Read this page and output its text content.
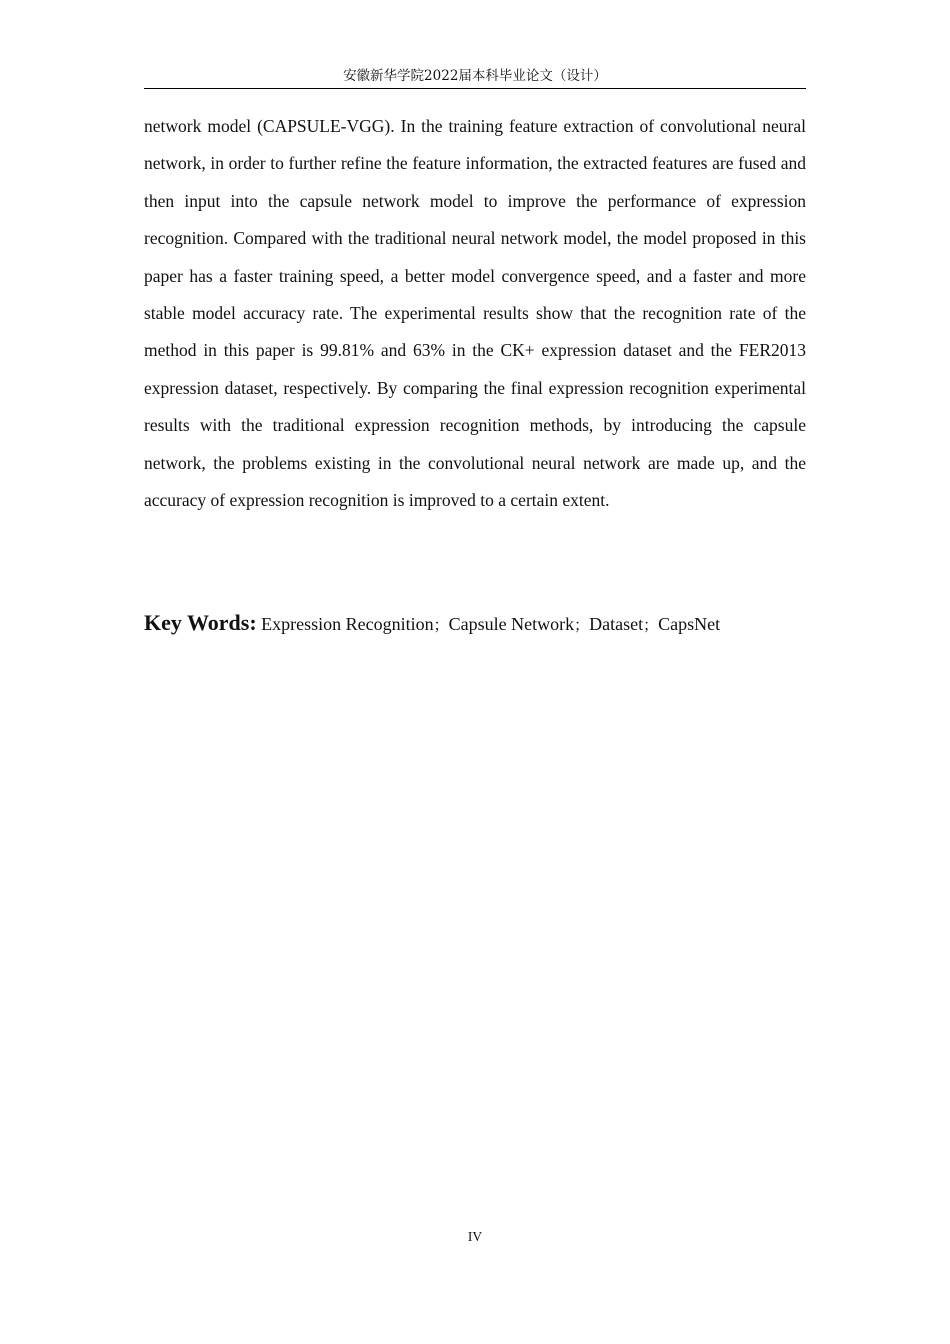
安徽新华学院2022届本科毕业论文（设计）

network model (CAPSULE-VGG). In the training feature extraction of convolutional neural network, in order to further refine the feature information, the extracted features are fused and then input into the capsule network model to improve the performance of expression recognition. Compared with the traditional neural network model, the model proposed in this paper has a faster training speed, a better model convergence speed, and a faster and more stable model accuracy rate. The experimental results show that the recognition rate of the method in this paper is 99.81% and 63% in the CK+ expression dataset and the FER2013 expression dataset, respectively. By comparing the final expression recognition experimental results with the traditional expression recognition methods, by introducing the capsule network, the problems existing in the convolutional neural network are made up, and the accuracy of expression recognition is improved to a certain extent.

Key Words: Expression Recognition；Capsule Network；Dataset；CapsNet
IV
